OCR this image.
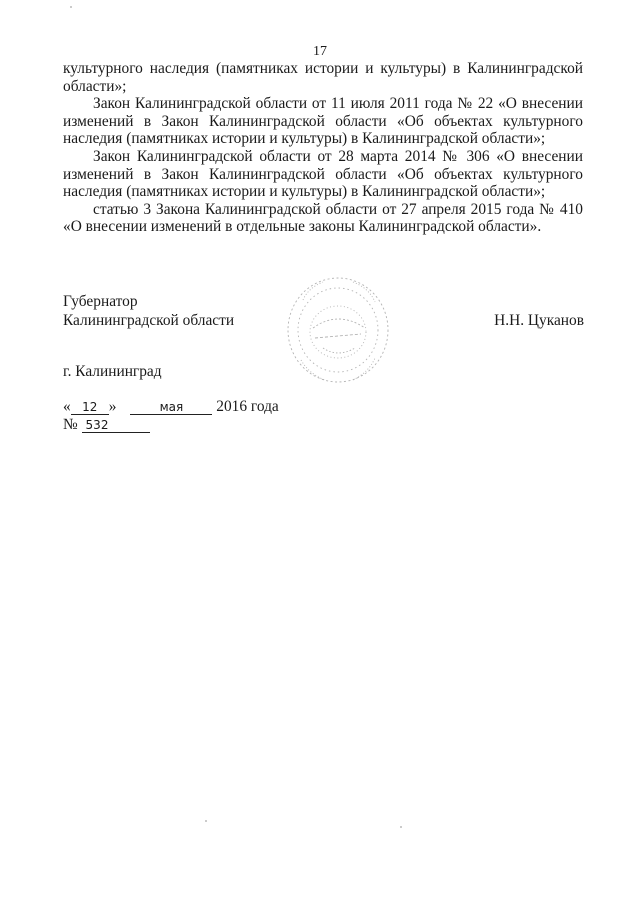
17

культурного наследия (памятниках истории и культуры) в Калининградской области»;

Закон Калининградской области от 11 июля 2011 года № 22 «О внесении изменений в Закон Калининградской области «Об объектах культурного наследия (памятниках истории и культуры) в Калининградской области»;

Закон Калининградской области от 28 марта 2014 № 306 «О внесении изменений в Закон Калининградской области «Об объектах культурного наследия (памятниках истории и культуры) в Калининградской области»;

статью 3 Закона Калининградской области от 27 апреля 2015 года № 410 «О внесении изменений в отдельные законы Калининградской области».

Губернатор
Калининградской области	Н.Н. Цуканов
г. Калининград
« 12 »	мая 2016 года
№ 532
